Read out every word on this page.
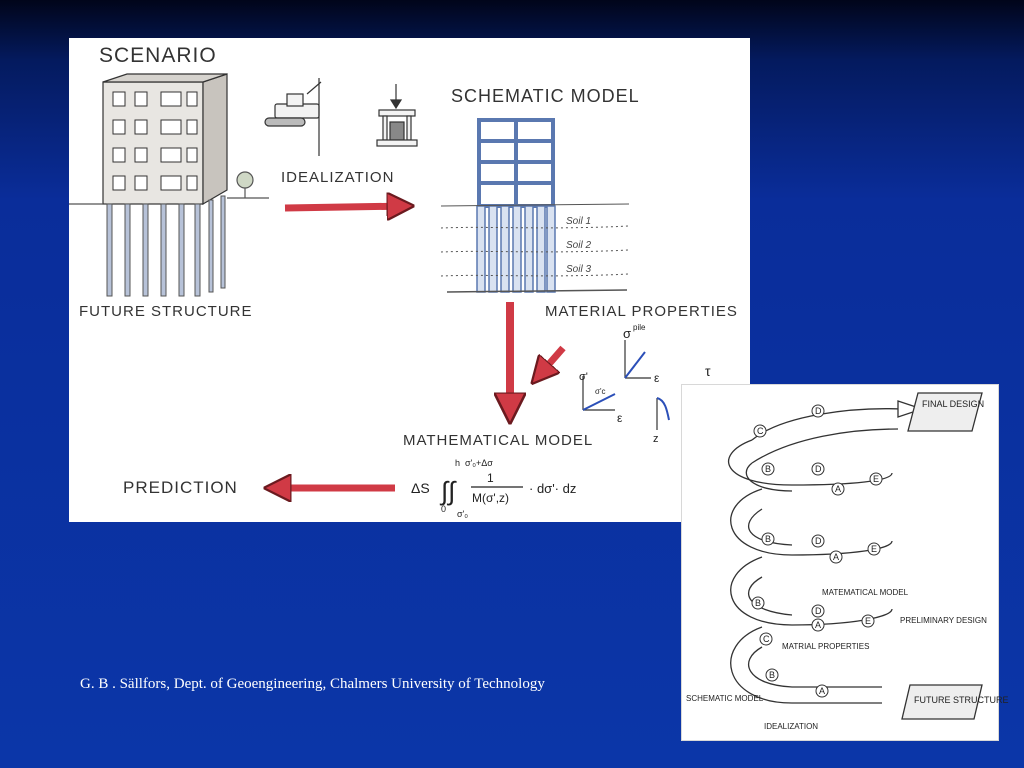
SCENARIO
FUTURE STRUCTURE
IDEALIZATION
SCHEMATIC MODEL
Soil 1
Soil 2
Soil 3
MATERIAL PROPERTIES
σ pile
ε
σ'
σ'c
ε
z
τ
MATHEMATICAL MODEL
ΔS ∫∫
h σ'₀+Δσ
0 σ'₀
1
M(σ',z)
· dσ'· dz
PREDICTION
FINAL DESIGN
FUTURE STRUCTURE
C
D
B	D
A
E
B	D
A
E
B
D
A	E
C
B
A
MATEMATICAL MODEL
PRELIMINARY DESIGN
MATRIAL PROPERTIES
SCHEMATIC MODEL
IDEALIZATION
G. B . Sällfors, Dept. of Geoengineering, Chalmers University of Technology
